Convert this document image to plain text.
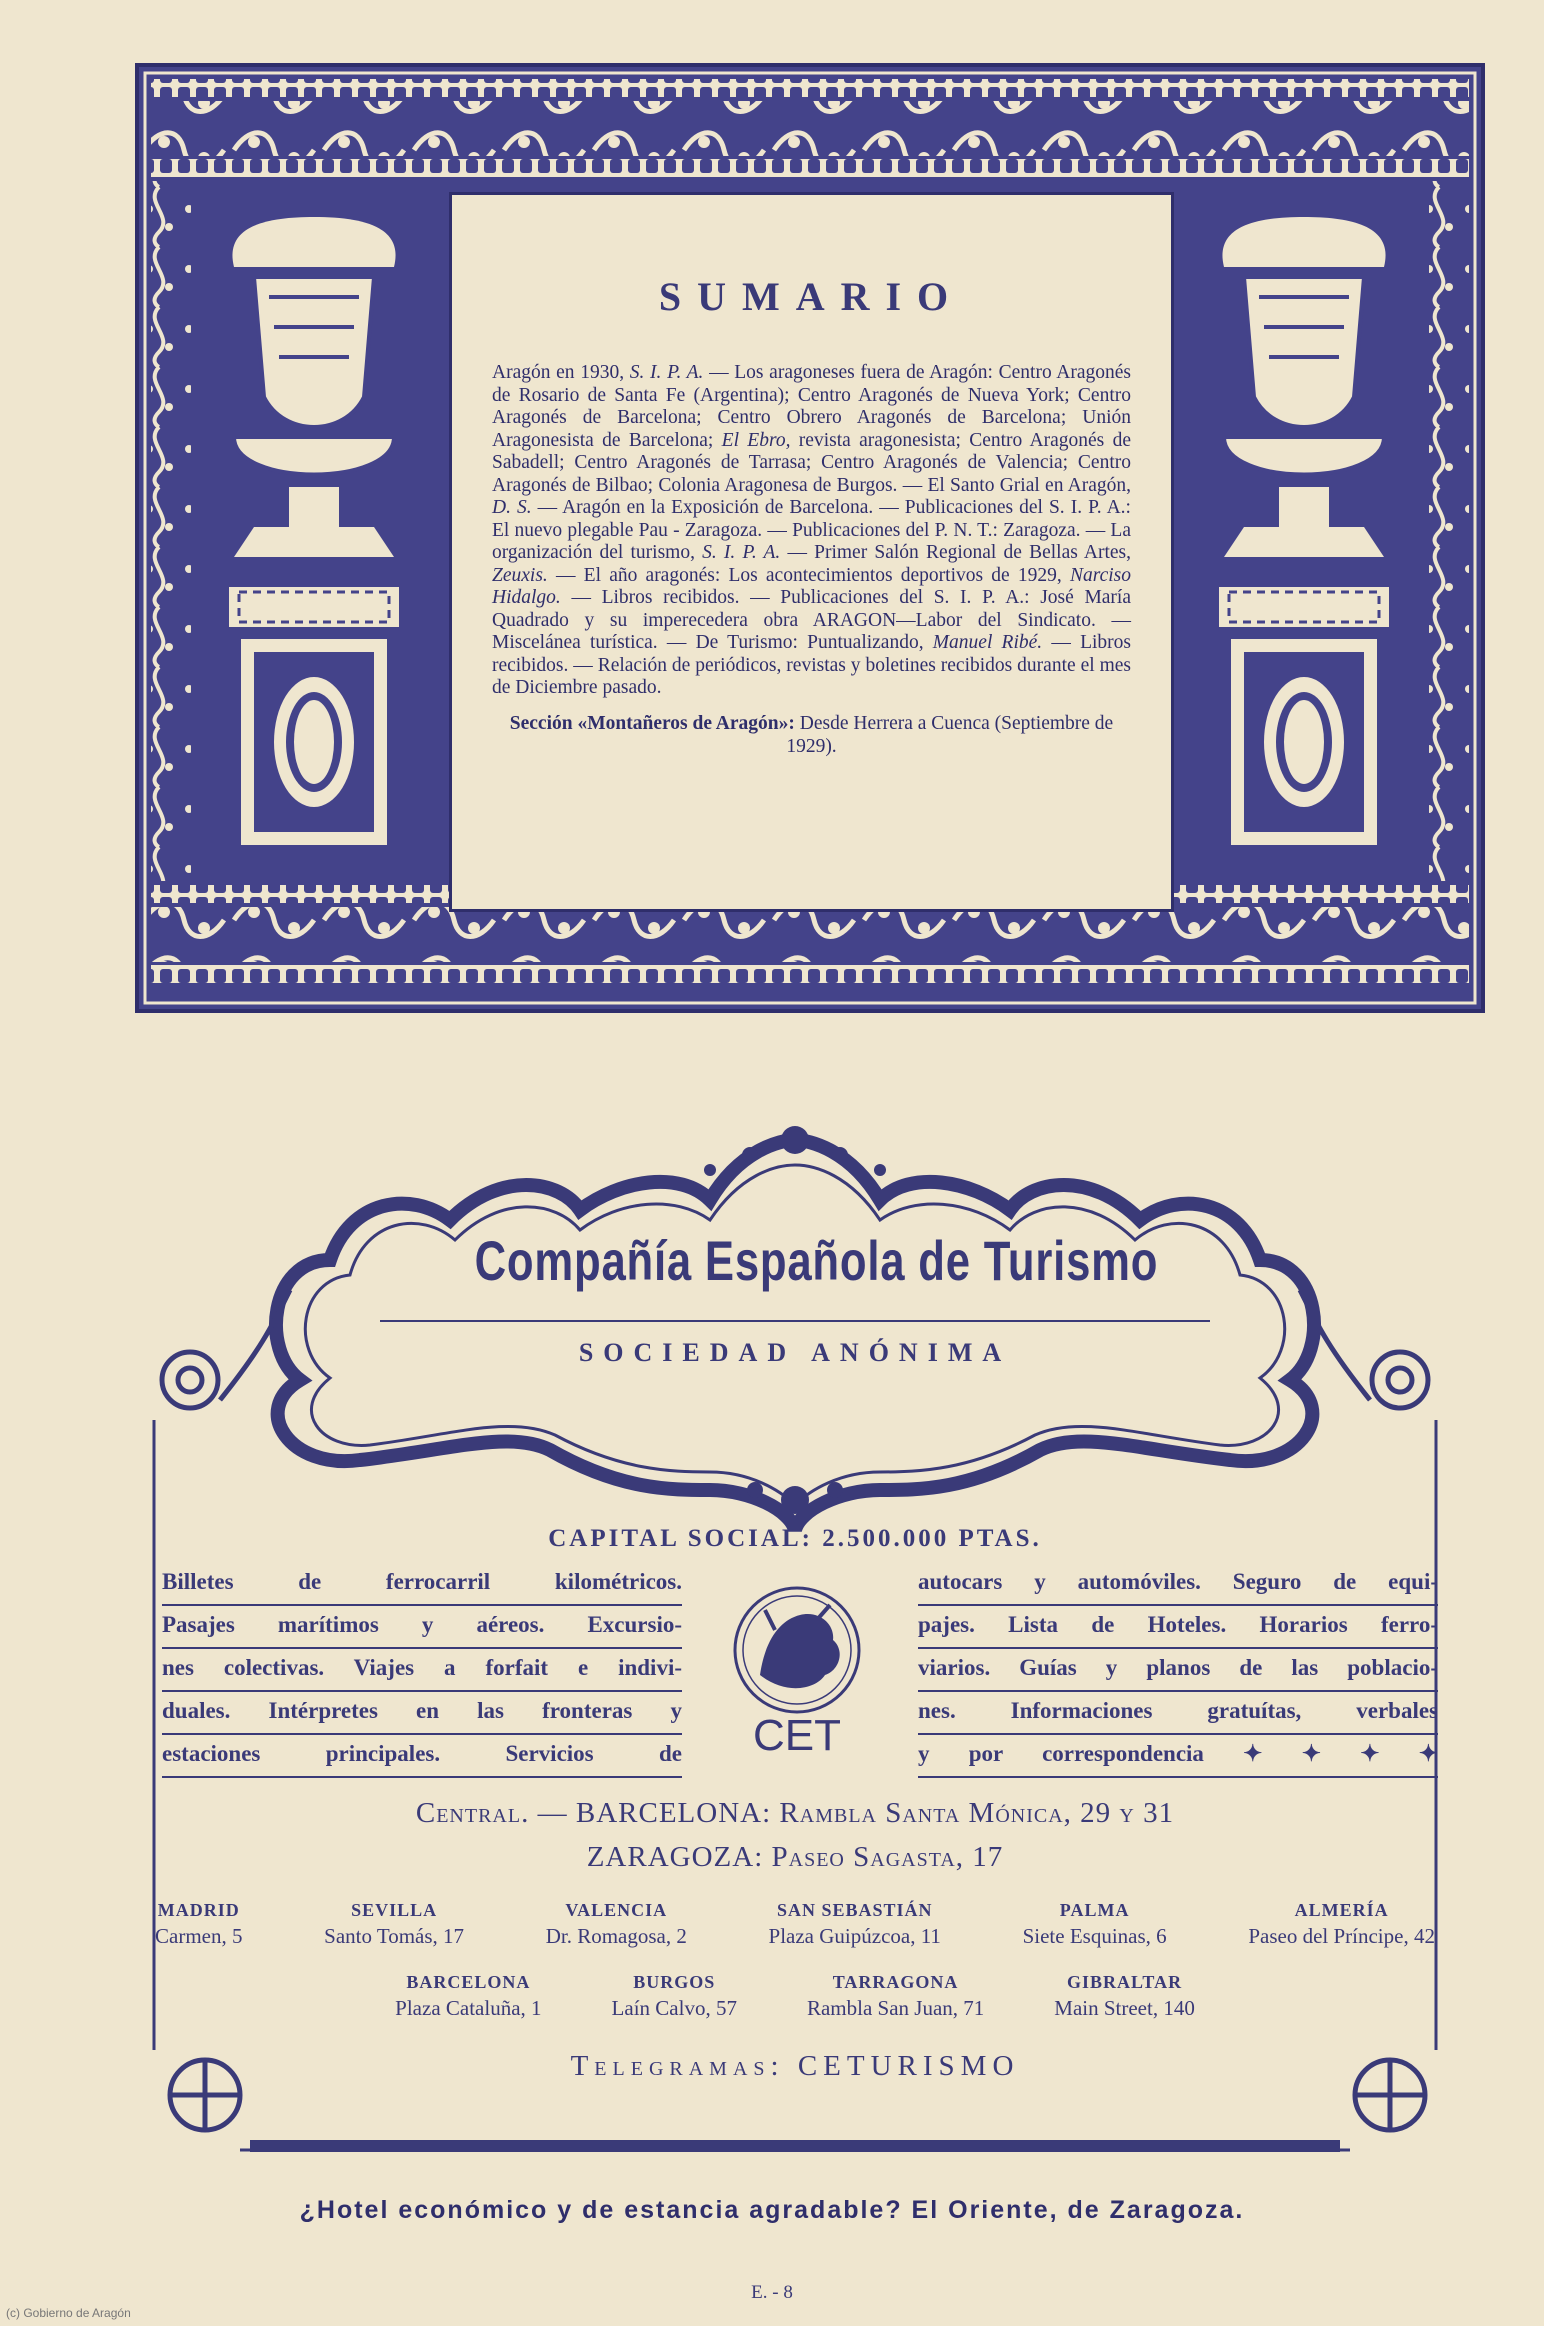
SUMARIO
Aragón en 1930, S. I. P. A. — Los aragoneses fuera de Aragón: Centro Aragonés de Rosario de Santa Fe (Argentina); Centro Aragonés de Nueva York; Centro Aragonés de Barcelona; Centro Obrero Aragonés de Barcelona; Unión Aragonesista de Barcelona; El Ebro, revista aragonesista; Centro Aragonés de Sabadell; Centro Aragonés de Tarrasa; Centro Aragonés de Valencia; Centro Aragonés de Bilbao; Colonia Aragonesa de Burgos. — El Santo Grial en Aragón, D. S. — Aragón en la Exposición de Barcelona. — Publicaciones del S. I. P. A.: El nuevo plegable Pau - Zaragoza. — Publicaciones del P. N. T.: Zaragoza. — La organización del turismo, S. I. P. A. — Primer Salón Regional de Bellas Artes, Zeuxis. — El año aragonés: Los acontecimientos deportivos de 1929, Narciso Hidalgo. — Libros recibidos. — Publicaciones del S. I. P. A.: José María Quadrado y su imperecedera obra ARAGON—Labor del Sindicato. — Miscelánea turística. — De Turismo: Puntualizando, Manuel Ribé. — Libros recibidos. — Relación de periódicos, revistas y boletines recibidos durante el mes de Diciembre pasado.
Sección «Montañeros de Aragón»: Desde Herrera a Cuenca (Septiembre de 1929).
Compañía Española de Turismo
SOCIEDAD ANÓNIMA
CAPITAL SOCIAL: 2.500.000 PTAS.
Billetes de ferrocarril kilométricos.
Pasajes marítimos y aéreos. Excursio-
nes colectivas. Viajes a forfait e indivi-
duales. Intérpretes en las fronteras y
estaciones principales. Servicios de
autocars y automóviles. Seguro de equi-
pajes. Lista de Hoteles. Horarios ferro-
viarios. Guías y planos de las poblacio-
nes. Informaciones gratuítas, verbales
y por correspondencia ✦ ✦ ✦ ✦
CET
Central. — BARCELONA: Rambla Santa Mónica, 29 y 31
ZARAGOZA: Paseo Sagasta, 17
MADRID
Carmen, 5
SEVILLA
Santo Tomás, 17
VALENCIA
Dr. Romagosa, 2
SAN SEBASTIÁN
Plaza Guipúzcoa, 11
PALMA
Siete Esquinas, 6
ALMERÍA
Paseo del Príncipe, 42
BARCELONA
Plaza Cataluña, 1
BURGOS
Laín Calvo, 57
TARRAGONA
Rambla San Juan, 71
GIBRALTAR
Main Street, 140
Telegramas: CETURISMO
¿Hotel económico y de estancia agradable? El Oriente, de Zaragoza.
E. - 8
(c) Gobierno de Aragón
